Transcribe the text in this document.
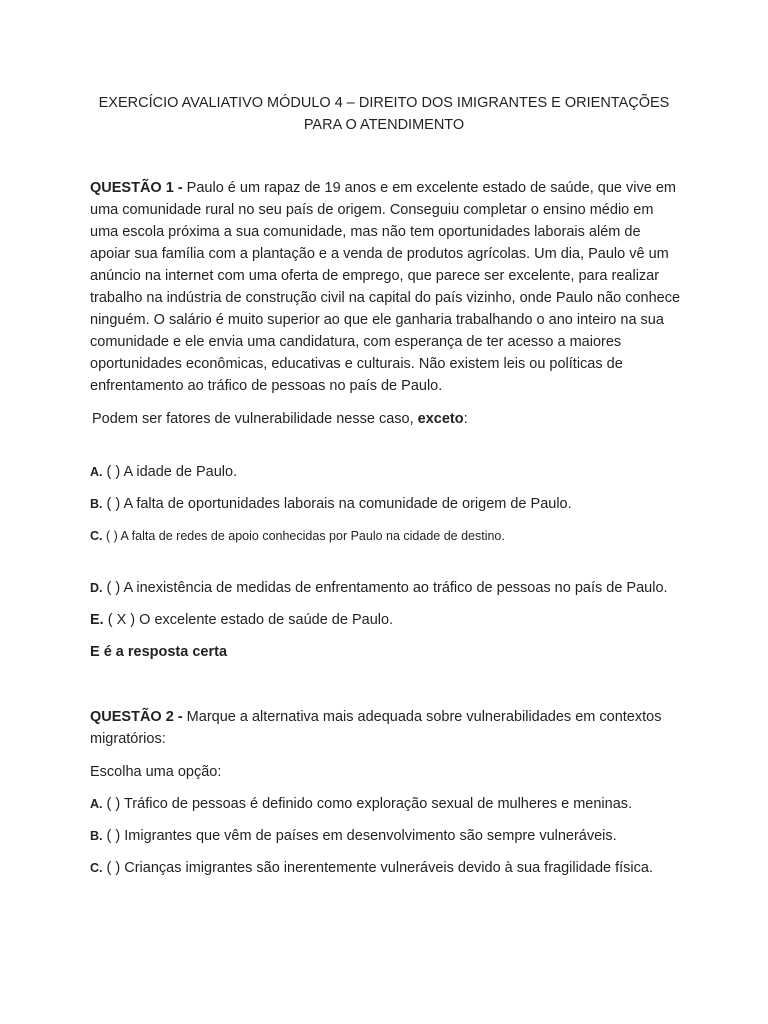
EXERCÍCIO AVALIATIVO MÓDULO 4 – DIREITO DOS IMIGRANTES E ORIENTAÇÕES PARA O ATENDIMENTO
QUESTÃO 1 - Paulo é um rapaz de 19 anos e em excelente estado de saúde, que vive em uma comunidade rural no seu país de origem. Conseguiu completar o ensino médio em uma escola próxima a sua comunidade, mas não tem oportunidades laborais além de apoiar sua família com a plantação e a venda de produtos agrícolas. Um dia, Paulo vê um anúncio na internet com uma oferta de emprego, que parece ser excelente, para realizar trabalho na indústria de construção civil na capital do país vizinho, onde Paulo não conhece ninguém. O salário é muito superior ao que ele ganharia trabalhando o ano inteiro na sua comunidade e ele envia uma candidatura, com esperança de ter acesso a maiores oportunidades econômicas, educativas e culturais. Não existem leis ou políticas de enfrentamento ao tráfico de pessoas no país de Paulo.
Podem ser fatores de vulnerabilidade nesse caso, exceto:
A. ( ) A idade de Paulo.
B. ( ) A falta de oportunidades laborais na comunidade de origem de Paulo.
C. ( ) A falta de redes de apoio conhecidas por Paulo na cidade de destino.
D. ( ) A inexistência de medidas de enfrentamento ao tráfico de pessoas no país de Paulo.
E. ( X ) O excelente estado de saúde de Paulo.
E é a resposta certa
QUESTÃO 2 - Marque a alternativa mais adequada sobre vulnerabilidades em contextos migratórios:
Escolha uma opção:
A. ( ) Tráfico de pessoas é definido como exploração sexual de mulheres e meninas.
B. ( ) Imigrantes que vêm de países em desenvolvimento são sempre vulneráveis.
C. ( ) Crianças imigrantes são inerentemente vulneráveis devido à sua fragilidade física.
